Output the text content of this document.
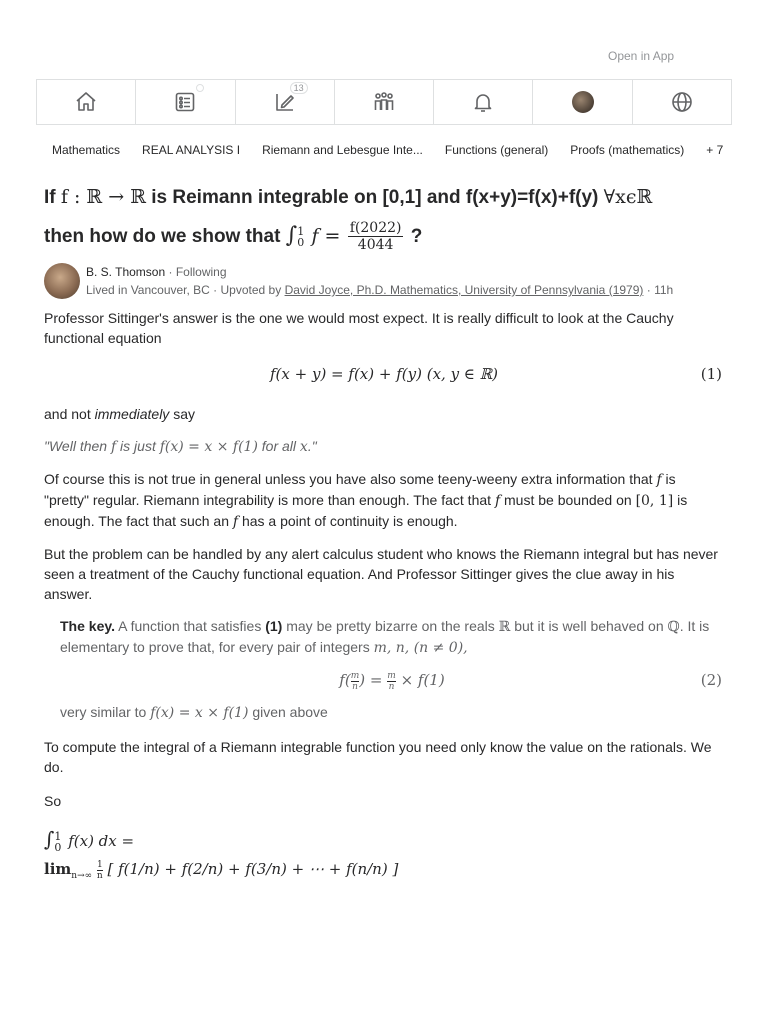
Open in App
13
Mathematics REAL ANALYSIS I Riemann and Lebesgue Inte... Functions (general) Proofs (mathematics) + 7
If f : ℝ → ℝ is Reimann integrable on [0,1] and f(x+y)=f(x)+f(y) ∀xϵℝ
then how do we show that ∫ 1
0 $f = \frac{f(2022)}{4044}$ ?
B. S. Thomson · Following
Lived in Vancouver, BC · Upvoted by David Joyce, Ph.D. Mathematics, University of Pennsylvania (1979) · 11h

Professor Sittinger's answer is the one we would most expect. It is really difficult to look at the Cauchy functional equation

f(x + y) = f(x) + f(y) (x, y ∈ ℝ)	(1)

and not immediately say

"Well then f is just f(x) = x × f(1) for all x."

Of course this is not true in general unless you have also some teeny-weeny extra information that f is "pretty" regular. Riemann integrability is more than enough. The fact that f must be bounded on [0, 1] is enough. The fact that such an f has a point of continuity is enough.

But the problem can be handled by any alert calculus student who knows the Riemann integral but has never seen a treatment of the Cauchy functional equation. And Professor Sittinger gives the clue away in his answer.

The key. A function that satisfies (1) may be pretty bizarre on the reals ℝ but it is well behaved on ℚ. It is elementary to prove that, for every pair of integers m, n, (n ≠ 0),
$f( \frac{m}{n}$ ) = $\frac{m}{n} \times f(1)$	(2)
very similar to f(x) = x × f(1) given above

To compute the integral of a Riemann integrable function you need only know the value on the rationals. We do.

So

∫ 1
0 f(x) dx =
$\lim_{n\to\infty} \frac{1}{n}$ [ f(1/n) + f(2/n) + f(3/n) + ⋯ + f(n/n) ]
